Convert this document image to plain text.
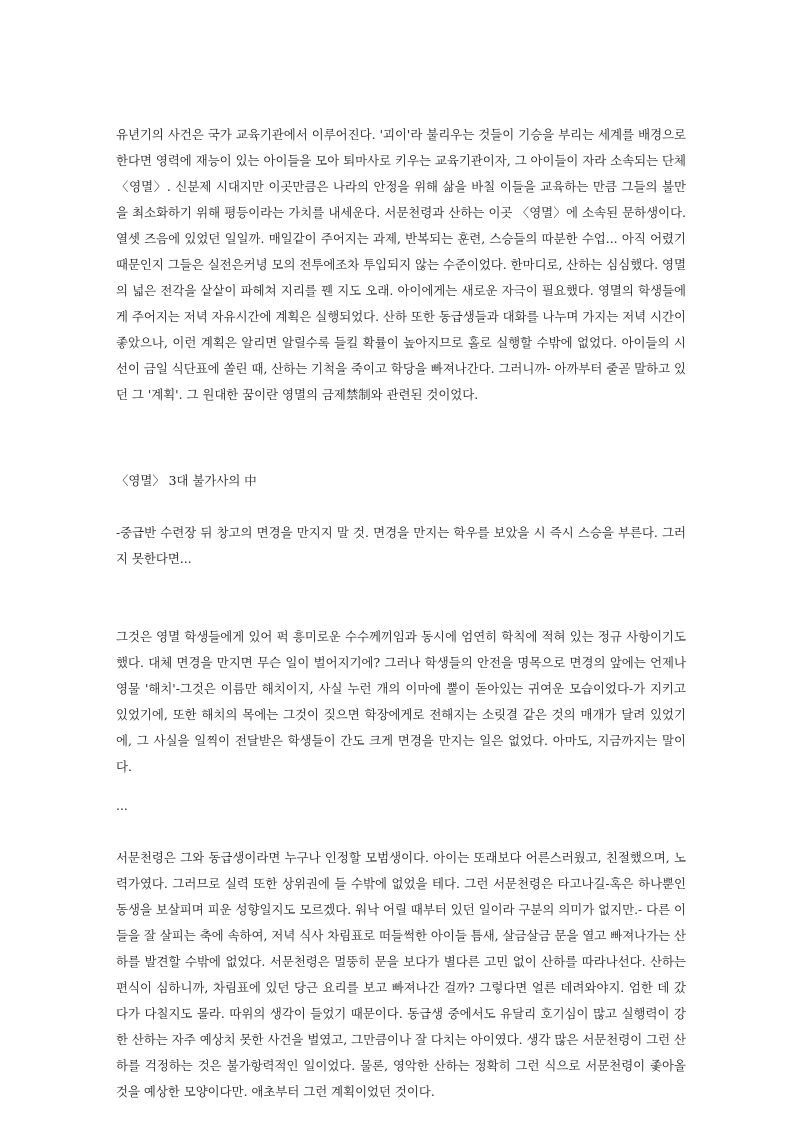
유년기의 사건은 국가 교육기관에서 이루어진다. '괴이'라 불리우는 것들이 기승을 부리는 세계를 배경으로 한다면 영력에 재능이 있는 아이들을 모아 퇴마사로 키우는 교육기관이자, 그 아이들이 자라 소속되는 단체 〈영멸〉. 신분제 시대지만 이곳만큼은 나라의 안정을 위해 삶을 바칠 이들을 교육하는 만큼 그들의 불만을 최소화하기 위해 평등이라는 가치를 내세운다. 서문천령과 산하는 이곳 〈영멸〉에 소속된 문하생이다. 열셋 즈음에 있었던 일일까. 매일같이 주어지는 과제, 반복되는 훈련, 스승들의 따분한 수업... 아직 어렸기 때문인지 그들은 실전은커녕 모의 전투에조차 투입되지 않는 수준이었다. 한마디로, 산하는 심심했다. 영멸의 넓은 전각을 샅샅이 파헤쳐 지리를 꿴 지도 오래. 아이에게는 새로운 자극이 필요했다. 영멸의 학생들에게 주어지는 저녁 자유시간에 계획은 실행되었다. 산하 또한 동급생들과 대화를 나누며 가지는 저녁 시간이 좋았으나, 이런 계획은 알리면 알릴수록 들킬 확률이 높아지므로 홀로 실행할 수밖에 없었다. 아이들의 시선이 금일 식단표에 쏠린 때, 산하는 기척을 죽이고 학당을 빠져나간다. 그러니까- 아까부터 줄곧 말하고 있던 그 '계획'. 그 원대한 꿈이란 영멸의 금제禁制와 관련된 것이었다.

〈영멸〉 3대 불가사의 中

-중급반 수련장 뒤 창고의 면경을 만지지 말 것. 면경을 만지는 학우를 보았을 시 즉시 스승을 부른다. 그러지 못한다면...

그것은 영멸 학생들에게 있어 퍽 흥미로운 수수께끼임과 동시에 엄연히 학칙에 적혀 있는 정규 사항이기도 했다. 대체 면경을 만지면 무슨 일이 벌어지기에? 그러나 학생들의 안전을 명목으로 면경의 앞에는 언제나 영물 '해치'-그것은 이름만 해치이지, 사실 누런 개의 이마에 뿔이 돋아있는 귀여운 모습이었다-가 지키고 있었기에, 또한 해치의 목에는 그것이 짖으면 학장에게로 전해지는 소릿결 같은 것의 매개가 달려 있었기에, 그 사실을 일찍이 전달받은 학생들이 간도 크게 면경을 만지는 일은 없었다. 아마도, 지금까지는 말이다.

...

서문천령은 그와 동급생이라면 누구나 인정할 모범생이다. 아이는 또래보다 어른스러웠고, 친절했으며, 노력가였다. 그러므로 실력 또한 상위권에 들 수밖에 없었을 테다. 그런 서문천령은 타고나길-혹은 하나뿐인 동생을 보살피며 피운 성향일지도 모르겠다. 워낙 어릴 때부터 있던 일이라 구분의 의미가 없지만.- 다른 이들을 잘 살피는 축에 속하여, 저녁 식사 차림표로 떠들썩한 아이들 틈새, 살금살금 문을 열고 빠져나가는 산하를 발견할 수밖에 없었다. 서문천령은 멀뚱히 문을 보다가 별다른 고민 없이 산하를 따라나선다. 산하는 편식이 심하니까, 차림표에 있던 당근 요리를 보고 빠져나간 걸까? 그렇다면 얼른 데려와야지. 엄한 데 갔다가 다칠지도 몰라. 따위의 생각이 들었기 때문이다. 동급생 중에서도 유달리 호기심이 많고 실행력이 강한 산하는 자주 예상치 못한 사건을 벌였고, 그만큼이나 잘 다치는 아이였다. 생각 많은 서문천령이 그런 산하를 걱정하는 것은 불가항력적인 일이었다. 물론, 영악한 산하는 정확히 그런 식으로 서문천령이 좇아올 것을 예상한 모양이다만. 애초부터 그런 계획이었던 것이다.
